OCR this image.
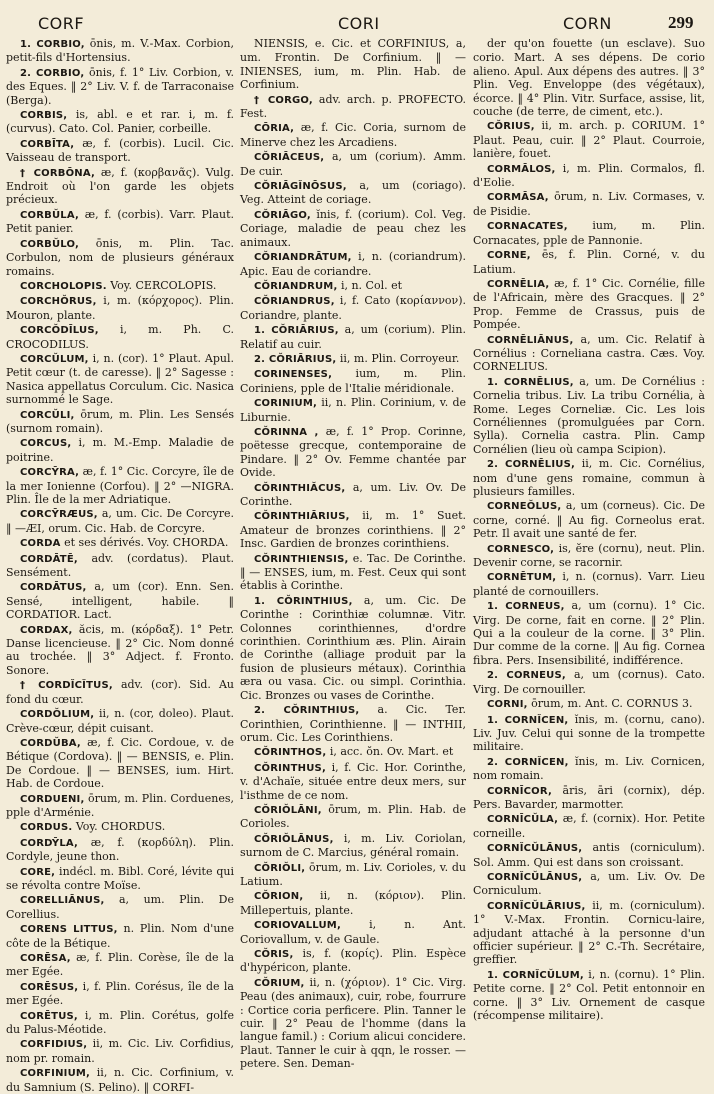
CORF	CORI	CORN	299

1. CORBIO, ōnis, m. V.-Max. Corbion, petit-fils d'Hortensius.

2. CORBIO, ōnis, f. 1° Liv. Corbion, v. des Eques. ‖ 2° Liv. V. f. de Tarraconaise (Berga).

CORBIS, is, abl. e et rar. i, m. f. (curvus). Cato. Col. Panier, corbeille.

CORBĪTA, æ, f. (corbis). Lucil. Cic. Vaisseau de transport.

† CORBŌNA, æ, f. (κορβανᾶς). Vulg. Endroit où l'on garde les objets précieux.

CORBŬLA, æ, f. (corbis). Varr. Plaut. Petit panier.

CORBŬLO, ōnis, m. Plin. Tac. Corbulon, nom de plusieurs généraux romains.

CORCHOLOPIS. Voy. CERCOLOPIS.

CORCHŎRUS, i, m. (κόρχορος). Plin. Mouron, plante.

CORCŎDĪLUS, i, m. Ph. C. CROCODILUS.

CORCŬLUM, i, n. (cor). 1° Plaut. Apul. Petit cœur (t. de caresse). ‖ 2° Sagesse : Nasica appellatus Corculum. Cic. Nasica surnommé le Sage.

CORCŬLI, ōrum, m. Plin. Les Sensés (surnom romain).

CORCUS, i, m. M.-Emp. Maladie de poitrine.

CORCȲRA, æ, f. 1° Cic. Corcyre, île de la mer Ionienne (Corfou). ‖ 2° —NIGRA. Plin. Île de la mer Adriatique.

CORCȲRÆUS, a, um. Cic. De Corcyre. ‖ —ÆI, orum. Cic. Hab. de Corcyre.

CORDA et ses dérivés. Voy. CHORDA.

CORDĀTĒ, adv. (cordatus). Plaut. Sensément.

CORDĀTUS, a, um (cor). Enn. Sen. Sensé, intelligent, habile. ‖ CORDATIOR. Lact.

CORDAX, ăcis, m. (κόρδαξ). 1° Petr. Danse licencieuse. ‖ 2° Cic. Nom donné au trochée. ‖ 3° Adject. f. Fronto. Sonore.

† CORDĬCĬTUS, adv. (cor). Sid. Au fond du cœur.

CORDŎLIUM, ii, n. (cor, doleo). Plaut. Crève-cœur, dépit cuisant.

CORDŬBA, æ, f. Cic. Cordoue, v. de Bétique (Cordova). ‖ — BENSIS, e. Plin. De Cordoue. ‖ — BENSES, ium. Hirt. Hab. de Cordoue.

CORDUENI, ōrum, m. Plin. Corduenes, pple d'Arménie.

CORDUS. Voy. CHORDUS.

CORDȲLA, æ, f. (κορδύλη). Plin. Cordyle, jeune thon.

CORE, indécl. m. Bibl. Coré, lévite qui se révolta contre Moïse.

CORELLIĀNUS, a, um. Plin. De Corellius.

CORENS LITTUS, n. Plin. Nom d'une côte de la Bétique.

CORĒSA, æ, f. Plin. Corèse, île de la mer Egée.

CORĒSUS, i, f. Plin. Corésus, île de la mer Egée.

CORĒTUS, i, m. Plin. Corétus, golfe du Palus-Méotide.

CORFIDIUS, ii, m. Cic. Liv. Corfidius, nom pr. romain.

CORFINIUM, ii, n. Cic. Corfinium, v. du Samnium (S. Pelino). ‖ CORFI-

NIENSIS, e. Cic. et CORFINIUS, a, um. Frontin. De Corfinium. ‖ — INIENSES, ium, m. Plin. Hab. de Corfinium.

† CORGO, adv. arch. p. PROFECTO. Fest.

CŌRIA, æ, f. Cic. Coria, surnom de Minerve chez les Arcadiens.

CŎRIĀCEUS, a, um (corium). Amm. De cuir.

CŎRIĀGĬNŌSUS, a, um (coriago). Veg. Atteint de coriage.

CŎRIĀGO, ĭnis, f. (corium). Col. Veg. Coriage, maladie de peau chez les animaux.

CŎRIANDRĀTUM, i, n. (coriandrum). Apic. Eau de coriandre.

CŎRIANDRUM, i, n. Col. et

CŎRIANDRUS, i, f. Cato (κορίαννον). Coriandre, plante.

1. CŎRIĀRIUS, a, um (corium). Plin. Relatif au cuir.

2. CŎRIĀRIUS, ii, m. Plin. Corroyeur.

CORINENSES, ium, m. Plin. Coriniens, pple de l'Italie méridionale.

CORINIUM, ii, n. Plin. Corinium, v. de Liburnie.

CŎRINNA , æ, f. 1° Prop. Corinne, poëtesse grecque, contemporaine de Pindare. ‖ 2° Ov. Femme chantée par Ovide.

CŎRINTHIĂCUS, a, um. Liv. Ov. De Corinthe.

CŎRINTHIĀRIUS, ii, m. 1° Suet. Amateur de bronzes corinthiens. ‖ 2° Insc. Gardien de bronzes corinthiens.

CŎRINTHIENSIS, e. Tac. De Corinthe. ‖ — ENSES, ium, m. Fest. Ceux qui sont établis à Corinthe.

1. CŎRINTHIUS, a, um. Cic. De Corinthe : Corinthiæ columnæ. Vitr. Colonnes corinthiennes, d'ordre corinthien. Corinthium æs. Plin. Airain de Corinthe (alliage produit par la fusion de plusieurs métaux). Corinthia æra ou vasa. Cic. ou simpl. Corinthia. Cic. Bronzes ou vases de Corinthe.

2. CŎRINTHIUS, a. Cic. Ter. Corinthien, Corinthienne. ‖ — INTHII, orum. Cic. Les Corinthiens.

CŎRINTHOS, i, acc. ŏn. Ov. Mart. et

CŎRINTHUS, i, f. Cic. Hor. Corinthe, v. d'Achaïe, située entre deux mers, sur l'isthme de ce nom.

CŎRIŎLĀNI, ōrum, m. Plin. Hab. de Corioles.

CŎRIŎLĀNUS, i, m. Liv. Coriolan, surnom de C. Marcius, général romain.

CŎRIŎLI, ōrum, m. Liv. Corioles, v. du Latium.

CŎRION, ii, n. (κόριον). Plin. Millepertuis, plante.

CORIOVALLUM, i, n. Ant. Coriovallum, v. de Gaule.

CŎRIS, is, f. (κορίς). Plin. Espèce d'hypéricon, plante.

CŎRIUM, ii, n. (χόριον). 1° Cic. Virg. Peau (des animaux), cuir, robe, fourrure : Cortice coria perficere. Plin. Tanner le cuir. ‖ 2° Peau de l'homme (dans la langue famil.) : Corium alicui concidere. Plaut. Tanner le cuir à qqn, le rosser. — petere. Sen. Deman-

der qu'on fouette (un esclave). Suo corio. Mart. A ses dépens. De corio alieno. Apul. Aux dépens des autres. ‖ 3° Plin. Veg. Enveloppe (des végétaux), écorce. ‖ 4° Plin. Vitr. Surface, assise, lit, couche (de terre, de ciment, etc.).

CŎRIUS, ii, m. arch. p. CORIUM. 1° Plaut. Peau, cuir. ‖ 2° Plaut. Courroie, lanière, fouet.

CORMĀLOS, i, m. Plin. Cormalos, fl. d'Eolie.

CORMĀSA, ōrum, n. Liv. Cormases, v. de Pisidie.

CORNACATES, ium, m. Plin. Cornacates, pple de Pannonie.

CORNE, ēs, f. Plin. Corné, v. du Latium.

CORNĒLIA, æ, f. 1° Cic. Cornélie, fille de l'Africain, mère des Gracques. ‖ 2° Prop. Femme de Crassus, puis de Pompée.

CORNĒLIĀNUS, a, um. Cic. Relatif à Cornélius : Corneliana castra. Cæs. Voy. CORNELIUS.

1. CORNĒLIUS, a, um. De Cornélius : Cornelia tribus. Liv. La tribu Cornélia, à Rome. Leges Corneliæ. Cic. Les lois Cornéliennes (promulguées par Corn. Sylla). Cornelia castra. Plin. Camp Cornélien (lieu où campa Scipion).

2. CORNĒLIUS, ii, m. Cic. Cornélius, nom d'une gens romaine, commun à plusieurs familles.

CORNEŎLUS, a, um (corneus). Cic. De corne, corné. ‖ Au fig. Corneolus erat. Petr. Il avait une santé de fer.

CORNESCO, is, ĕre (cornu), neut. Plin. Devenir corne, se racornir.

CORNĒTUM, i, n. (cornus). Varr. Lieu planté de cornouillers.

1. CORNEUS, a, um (cornu). 1° Cic. Virg. De corne, fait en corne. ‖ 2° Plin. Qui a la couleur de la corne. ‖ 3° Plin. Dur comme de la corne. ‖ Au fig. Cornea fibra. Pers. Insensibilité, indifférence.

2. CORNEUS, a, um (cornus). Cato. Virg. De cornouiller.

CORNI, ōrum, m. Ant. C. CORNUS 3.

1. CORNĬCEN, ĭnis, m. (cornu, cano). Liv. Juv. Celui qui sonne de la trompette militaire.

2. CORNĬCEN, ĭnis, m. Liv. Cornicen, nom romain.

CORNĪCOR, āris, āri (cornix), dép. Pers. Bavarder, marmotter.

CORNĪCŬLA, æ, f. (cornix). Hor. Petite corneille.

CORNĬCŬLĀNUS, antis (corniculum). Sol. Amm. Qui est dans son croissant.

CORNĬCŬLĀNUS, a, um. Liv. Ov. De Corniculum.

CORNĬCŬLĀRIUS, ii, m. (corniculum). 1° V.-Max. Frontin. Cornicu-laire, adjudant attaché à la personne d'un officier supérieur. ‖ 2° C.-Th. Secrétaire, greffier.

1. CORNĬCŬLUM, i, n. (cornu). 1° Plin. Petite corne. ‖ 2° Col. Petit entonnoir en corne. ‖ 3° Liv. Ornement de casque (récompense militaire).
